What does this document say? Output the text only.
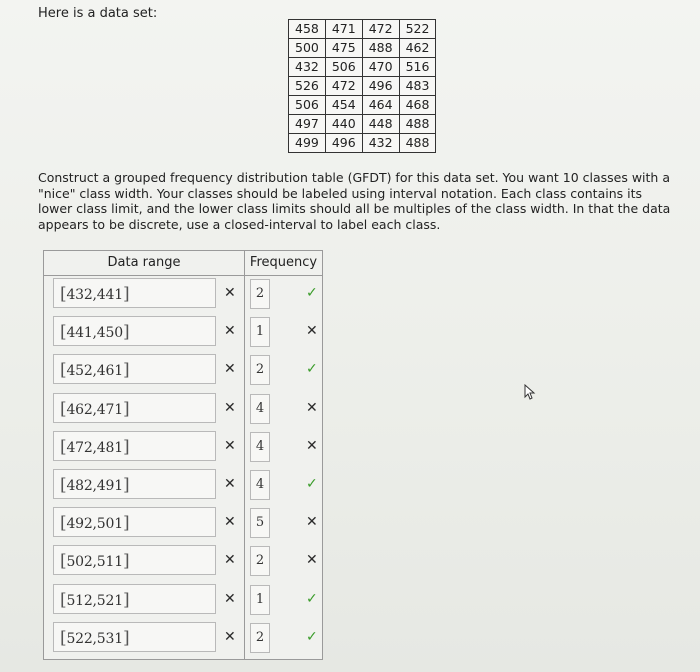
Here is a data set:
458	471	472	522
500	475	488	462
432	506	470	516
526	472	496	483
506	454	464	468
497	440	448	488
499	496	432	488
Construct a grouped frequency distribution table (GFDT) for this data set. You want 10 classes with a "nice" class width. Your classes should be labeled using interval notation. Each class contains its lower class limit, and the lower class limits should all be multiples of the class width. In that the data appears to be discrete, use a closed-interval to label each class.
Data range	Frequency
[432,441]	✕	2	✓
[441,450]	✕	1	✕
[452,461]	✕	2	✓
[462,471]	✕	4	✕
[472,481]	✕	4	✕
[482,491]	✕	4	✓
[492,501]	✕	5	✕
[502,511]	✕	2	✕
[512,521]	✕	1	✓
[522,531]	✕	2	✓
